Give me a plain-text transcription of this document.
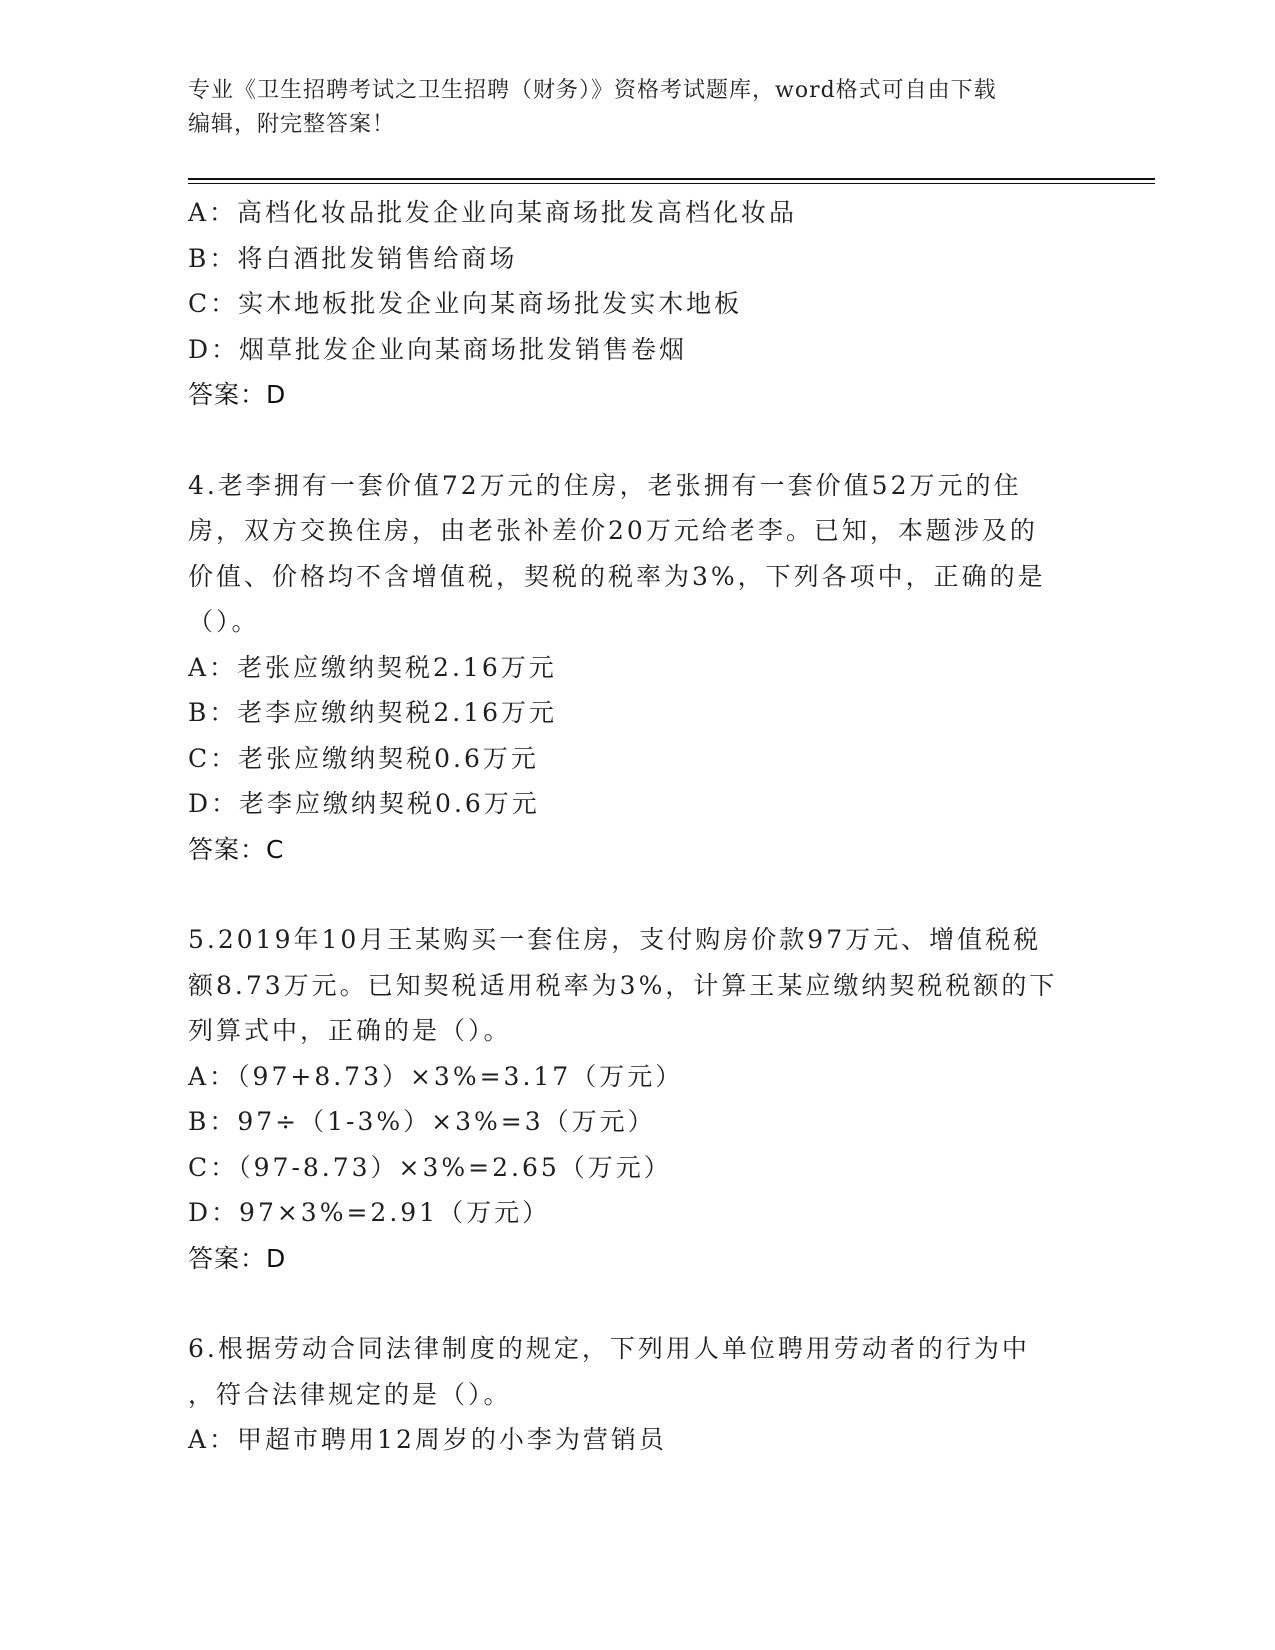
专业《卫生招聘考试之卫生招聘（财务）》资格考试题库，word格式可自由下载
编辑，附完整答案！
A：高档化妆品批发企业向某商场批发高档化妆品
B：将白酒批发销售给商场
C：实木地板批发企业向某商场批发实木地板
D：烟草批发企业向某商场批发销售卷烟
答案：D
4.老李拥有一套价值72万元的住房，老张拥有一套价值52万元的住
房，双方交换住房，由老张补差价20万元给老李。已知，本题涉及的
价值、价格均不含增值税，契税的税率为3%，下列各项中，正确的是
（）。
A：老张应缴纳契税2.16万元
B：老李应缴纳契税2.16万元
C：老张应缴纳契税0.6万元
D：老李应缴纳契税0.6万元
答案：C
5.2019年10月王某购买一套住房，支付购房价款97万元、增值税税
额8.73万元。已知契税适用税率为3%，计算王某应缴纳契税税额的下
列算式中，正确的是（）。
A：（97+8.73）×3%=3.17（万元）
B：97÷（1-3%）×3%=3（万元）
C：（97-8.73）×3%=2.65（万元）
D：97×3%=2.91（万元）
答案：D
6.根据劳动合同法律制度的规定，下列用人单位聘用劳动者的行为中
，符合法律规定的是（）。
A：甲超市聘用12周岁的小李为营销员
